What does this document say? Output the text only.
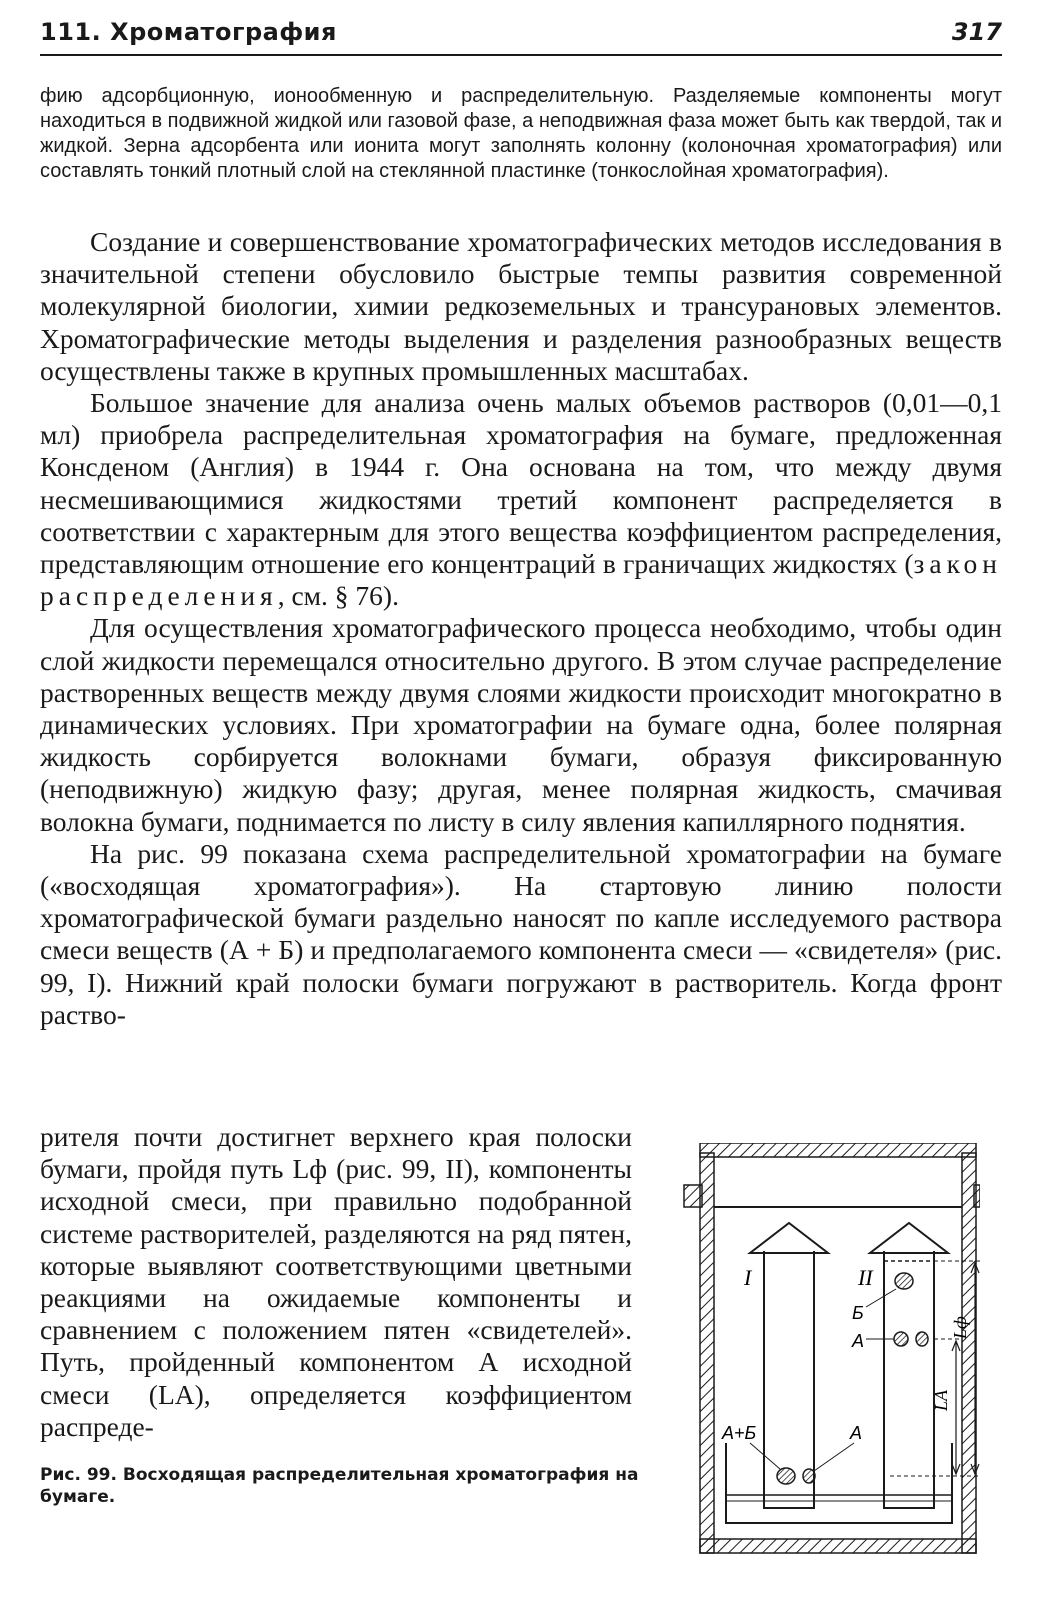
111. Хроматография	317
фию адсорбционную, ионообменную и распределительную. Разделяемые компоненты могут находиться в подвижной жидкой или газовой фазе, а неподвижная фаза может быть как твердой, так и жидкой. Зерна адсорбента или ионита могут заполнять колонну (колоночная хроматография) или составлять тонкий плотный слой на стеклянной пластинке (тонкослойная хроматография).

Создание и совершенствование хроматографических методов исследования в значительной степени обусловило быстрые темпы развития современной молекулярной биологии, химии редкоземельных и трансурановых элементов. Хроматографические методы выделения и разделения разнообразных веществ осуществлены также в крупных промышленных масштабах.

Большое значение для анализа очень малых объемов растворов (0,01—0,1 мл) приобрела распределительная хроматография на бумаге, предложенная Консденом (Англия) в 1944 г. Она основана на том, что между двумя несмешивающимися жидкостями третий компонент распределяется в соответствии с характерным для этого вещества коэффициентом распределения, представляющим отношение его концентраций в граничащих жидкостях (закон распределения, см. § 76).

Для осуществления хроматографического процесса необходимо, чтобы один слой жидкости перемещался относительно другого. В этом случае распределение растворенных веществ между двумя слоями жидкости происходит многократно в динамических условиях. При хроматографии на бумаге одна, более полярная жидкость сорбируется волокнами бумаги, образуя фиксированную (неподвижную) жидкую фазу; другая, менее полярная жидкость, смачивая волокна бумаги, поднимается по листу в силу явления капиллярного поднятия.

На рис. 99 показана схема распределительной хроматографии на бумаге («восходящая хроматография»). На стартовую линию полости хроматографической бумаги раздельно наносят по капле исследуемого раствора смеси веществ (А + Б) и предполагаемого компонента смеси — «свидетеля» (рис. 99, I). Нижний край полоски бумаги погружают в растворитель. Когда фронт раство-

рителя почти достигнет верхнего края полоски бумаги, пройдя путь Lф (рис. 99, II), компоненты исходной смеси, при правильно подобранной системе растворителей, разделяются на ряд пятен, которые выявляют соответствующими цветными реакциями на ожидаемые компоненты и сравнением с положением пятен «свидетелей». Путь, пройденный компонентом А исходной смеси (LA), определяется коэффициентом распреде-
I	II
Б
А
А+Б	А
Lф
LA
Рис. 99. Восходящая распределительная хроматография на бумаге.
